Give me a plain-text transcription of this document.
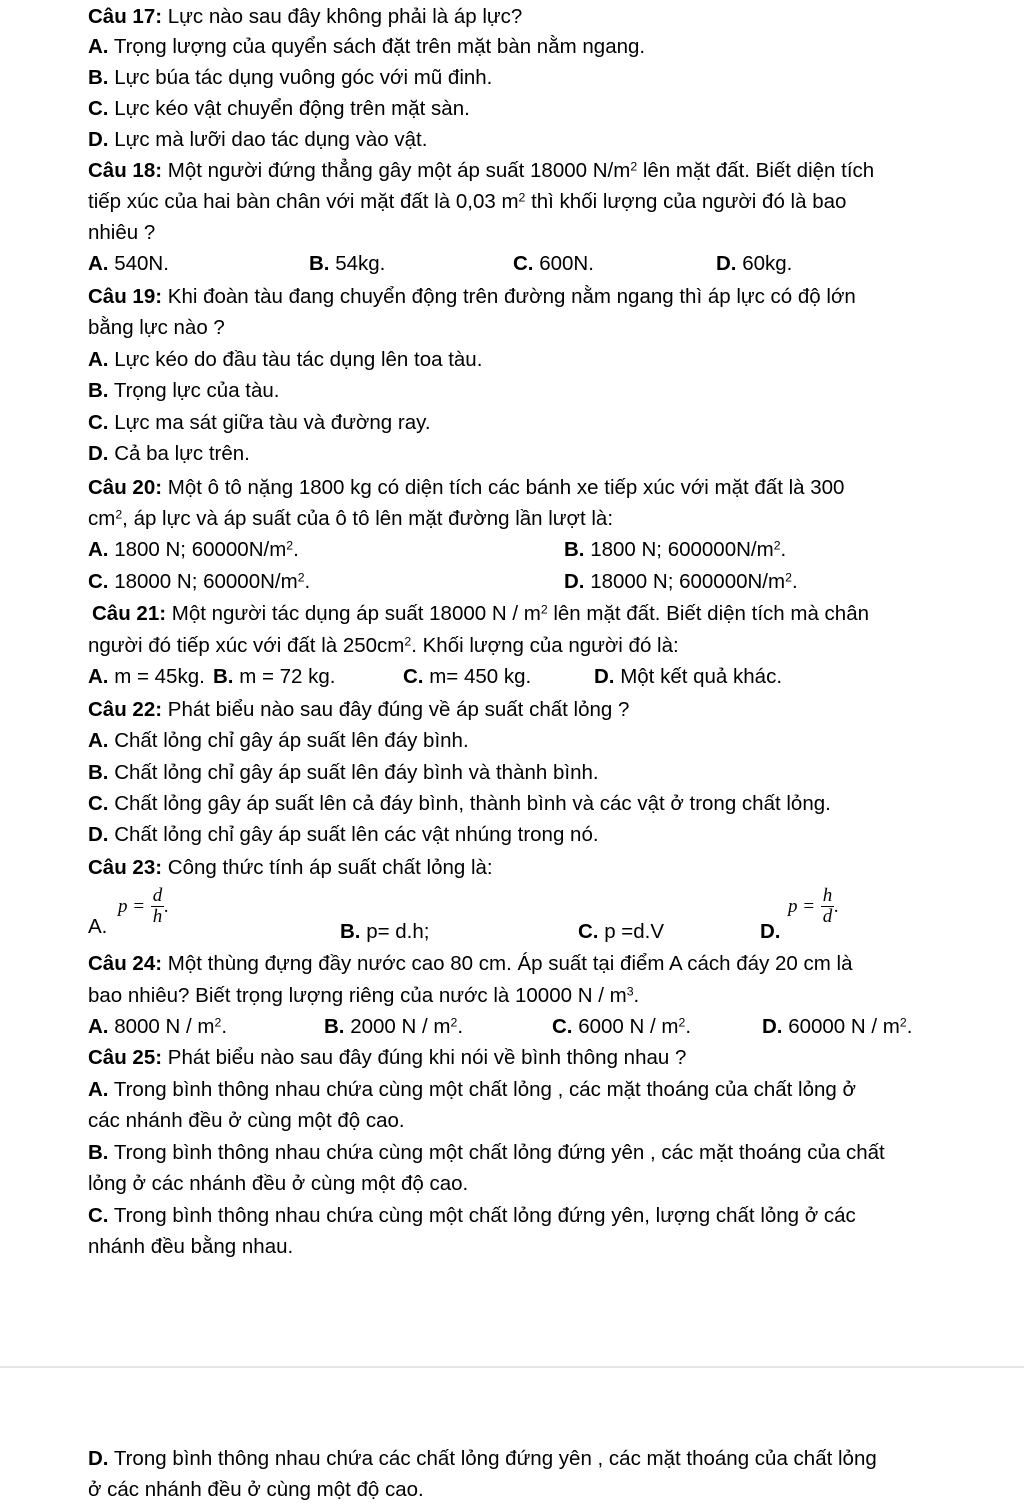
Câu 17: Lực nào sau đây không phải là áp lực?
A. Trọng lượng của quyển sách đặt trên mặt bàn nằm ngang.
B. Lực búa tác dụng vuông góc với mũ đinh.
C. Lực kéo vật chuyển động trên mặt sàn.
D. Lực mà lưỡi dao tác dụng vào vật.
Câu 18: Một người đứng thẳng gây một áp suất 18000 $N/m^2$ lên mặt đất. Biết diện tích
tiếp xúc của hai bàn chân với mặt đất là 0,03 $m^2$ thì khối lượng của người đó là bao
nhiêu ?
A. 540N.	B. 54kg.	C. 600N.	D. 60kg.
Câu 19: Khi đoàn tàu đang chuyển động trên đường nằm ngang thì áp lực có độ lớn
bằng lực nào ?
A. Lực kéo do đầu tàu tác dụng lên toa tàu.
B. Trọng lực của tàu.
C. Lực ma sát giữa tàu và đường ray.
D. Cả ba lực trên.
Câu 20: Một ô tô nặng 1800 kg có diện tích các bánh xe tiếp xúc với mặt đất là 300
$cm^2$, áp lực và áp suất của ô tô lên mặt đường lần lượt là:
A. 1800 N; $60000N/m^2$.	B. 1800 N; $600000N/m^2$.
C. 18000 N; $60000N/m^2$.	D. 18000 N; $600000N/m^2$.
Câu 21: Một người tác dụng áp suất 18000 N / $m^2$ lên mặt đất. Biết diện tích mà chân
người đó tiếp xúc với đất là $250cm^2$. Khối lượng của người đó là:
A. m = 45kg. B. m = 72 kg.	C. m= 450 kg.	D. Một kết quả khác.
Câu 22: Phát biểu nào sau đây đúng về áp suất chất lỏng ?
A. Chất lỏng chỉ gây áp suất lên đáy bình.
B. Chất lỏng chỉ gây áp suất lên đáy bình và thành bình.
C. Chất lỏng gây áp suất lên cả đáy bình, thành bình và các vật ở trong chất lỏng.
D. Chất lỏng chỉ gây áp suất lên các vật nhúng trong nó.
Câu 23: Công thức tính áp suất chất lỏng là:
A.
$p = \frac{d}{h}$ .
B. p= d.h;	C. p =d.V	D.
$p = \frac{h}{d}$ .
Câu 24: Một thùng đựng đầy nước cao 80 cm. Áp suất tại điểm A cách đáy 20 cm là
bao nhiêu? Biết trọng lượng riêng của nước là 10000 N / $m^3$.
A. 8000 N / $m^2$.	B. 2000 N / $m^2$.	C. 6000 N / $m^2$.	D. 60000 N / $m^2$.
Câu 25: Phát biểu nào sau đây đúng khi nói về bình thông nhau ?
A. Trong bình thông nhau chứa cùng một chất lỏng , các mặt thoáng của chất lỏng ở
các nhánh đều ở cùng một độ cao.
B. Trong bình thông nhau chứa cùng một chất lỏng đứng yên , các mặt thoáng của chất
lỏng ở các nhánh đều ở cùng một độ cao.
C. Trong bình thông nhau chứa cùng một chất lỏng đứng yên, lượng chất lỏng ở các
nhánh đều bằng nhau.
D. Trong bình thông nhau chứa các chất lỏng đứng yên , các mặt thoáng của chất lỏng
ở các nhánh đều ở cùng một độ cao.
